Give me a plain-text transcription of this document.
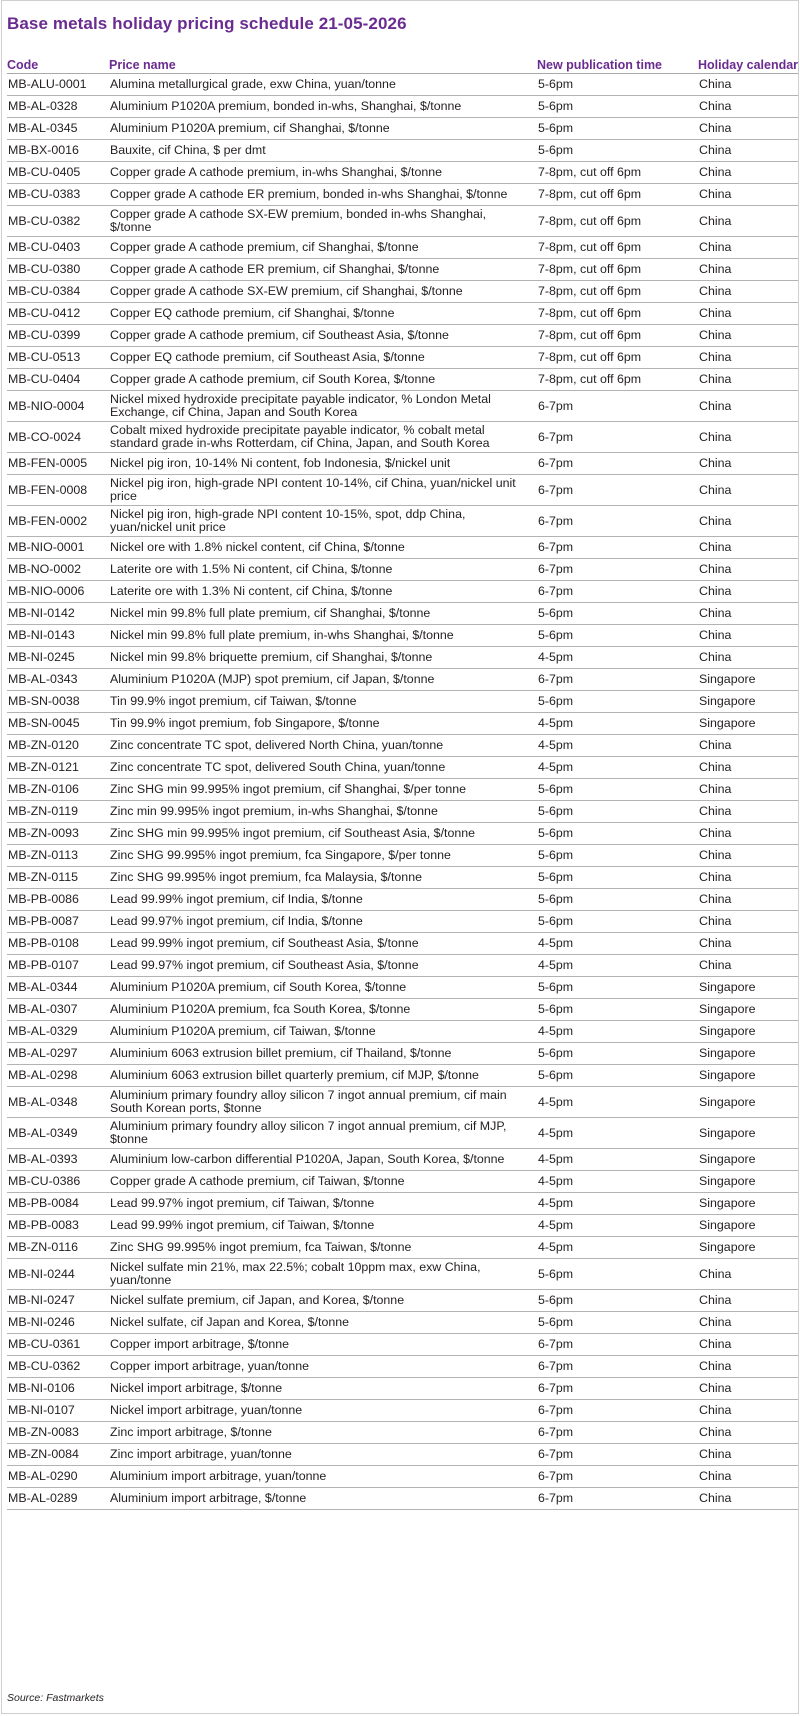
Base metals holiday pricing schedule 21-05-2026
Code	Price name	New publication time	Holiday calendar
MB-ALU-0001	Alumina metallurgical grade, exw China, yuan/tonne	5-6pm	China
MB-AL-0328	Aluminium P1020A premium, bonded in-whs, Shanghai, $/tonne	5-6pm	China
MB-AL-0345	Aluminium P1020A premium, cif Shanghai, $/tonne	5-6pm	China
MB-BX-0016	Bauxite, cif China, $ per dmt	5-6pm	China
MB-CU-0405	Copper grade A cathode premium, in-whs Shanghai, $/tonne	7-8pm, cut off 6pm	China
MB-CU-0383	Copper grade A cathode ER premium, bonded in-whs Shanghai, $/tonne	7-8pm, cut off 6pm	China
MB-CU-0382	Copper grade A cathode SX-EW premium, bonded in-whs Shanghai, $/tonne	7-8pm, cut off 6pm	China
MB-CU-0403	Copper grade A cathode premium, cif Shanghai, $/tonne	7-8pm, cut off 6pm	China
MB-CU-0380	Copper grade A cathode ER premium, cif Shanghai, $/tonne	7-8pm, cut off 6pm	China
MB-CU-0384	Copper grade A cathode SX-EW premium, cif Shanghai, $/tonne	7-8pm, cut off 6pm	China
MB-CU-0412	Copper EQ cathode premium, cif Shanghai, $/tonne	7-8pm, cut off 6pm	China
MB-CU-0399	Copper grade A cathode premium, cif Southeast Asia, $/tonne	7-8pm, cut off 6pm	China
MB-CU-0513	Copper EQ cathode premium, cif Southeast Asia, $/tonne	7-8pm, cut off 6pm	China
MB-CU-0404	Copper grade A cathode premium, cif South Korea, $/tonne	7-8pm, cut off 6pm	China
MB-NIO-0004	Nickel mixed hydroxide precipitate payable indicator, % London Metal Exchange, cif China, Japan and South Korea	6-7pm	China
MB-CO-0024	Cobalt mixed hydroxide precipitate payable indicator, % cobalt metal standard grade in-whs Rotterdam, cif China, Japan, and South Korea	6-7pm	China
MB-FEN-0005	Nickel pig iron, 10-14% Ni content, fob Indonesia, $/nickel unit	6-7pm	China
MB-FEN-0008	Nickel pig iron, high-grade NPI content 10-14%, cif China, yuan/nickel unit price	6-7pm	China
MB-FEN-0002	Nickel pig iron, high-grade NPI content 10-15%, spot, ddp China, yuan/nickel unit price	6-7pm	China
MB-NIO-0001	Nickel ore with 1.8% nickel content, cif China, $/tonne	6-7pm	China
MB-NO-0002	Laterite ore with 1.5% Ni content, cif China, $/tonne	6-7pm	China
MB-NIO-0006	Laterite ore with 1.3% Ni content, cif China, $/tonne	6-7pm	China
MB-NI-0142	Nickel min 99.8% full plate premium, cif Shanghai, $/tonne	5-6pm	China
MB-NI-0143	Nickel min 99.8% full plate premium, in-whs Shanghai, $/tonne	5-6pm	China
MB-NI-0245	Nickel min 99.8% briquette premium, cif Shanghai, $/tonne	4-5pm	China
MB-AL-0343	Aluminium P1020A (MJP) spot premium, cif Japan, $/tonne	6-7pm	Singapore
MB-SN-0038	Tin 99.9% ingot premium, cif Taiwan, $/tonne	5-6pm	Singapore
MB-SN-0045	Tin 99.9% ingot premium, fob Singapore, $/tonne	4-5pm	Singapore
MB-ZN-0120	Zinc concentrate TC spot, delivered North China, yuan/tonne	4-5pm	China
MB-ZN-0121	Zinc concentrate TC spot, delivered South China, yuan/tonne	4-5pm	China
MB-ZN-0106	Zinc SHG min 99.995% ingot premium, cif Shanghai, $/per tonne	5-6pm	China
MB-ZN-0119	Zinc min 99.995% ingot premium, in-whs Shanghai, $/tonne	5-6pm	China
MB-ZN-0093	Zinc SHG min 99.995% ingot premium, cif Southeast Asia, $/tonne	5-6pm	China
MB-ZN-0113	Zinc SHG 99.995% ingot premium, fca Singapore, $/per tonne	5-6pm	China
MB-ZN-0115	Zinc SHG 99.995% ingot premium, fca Malaysia, $/tonne	5-6pm	China
MB-PB-0086	Lead 99.99% ingot premium, cif India, $/tonne	5-6pm	China
MB-PB-0087	Lead 99.97% ingot premium, cif India, $/tonne	5-6pm	China
MB-PB-0108	Lead 99.99% ingot premium, cif Southeast Asia, $/tonne	4-5pm	China
MB-PB-0107	Lead 99.97% ingot premium, cif Southeast Asia, $/tonne	4-5pm	China
MB-AL-0344	Aluminium P1020A premium, cif South Korea, $/tonne	5-6pm	Singapore
MB-AL-0307	Aluminium P1020A premium, fca South Korea, $/tonne	5-6pm	Singapore
MB-AL-0329	Aluminium P1020A premium, cif Taiwan, $/tonne	4-5pm	Singapore
MB-AL-0297	Aluminium 6063 extrusion billet premium, cif Thailand, $/tonne	5-6pm	Singapore
MB-AL-0298	Aluminium 6063 extrusion billet quarterly premium, cif MJP, $/tonne	5-6pm	Singapore
MB-AL-0348	Aluminium primary foundry alloy silicon 7 ingot annual premium, cif main South Korean ports, $tonne	4-5pm	Singapore
MB-AL-0349	Aluminium primary foundry alloy silicon 7 ingot annual premium, cif MJP, $tonne	4-5pm	Singapore
MB-AL-0393	Aluminium low-carbon differential P1020A, Japan, South Korea, $/tonne	4-5pm	Singapore
MB-CU-0386	Copper grade A cathode premium, cif Taiwan, $/tonne	4-5pm	Singapore
MB-PB-0084	Lead 99.97% ingot premium, cif Taiwan, $/tonne	4-5pm	Singapore
MB-PB-0083	Lead 99.99% ingot premium, cif Taiwan, $/tonne	4-5pm	Singapore
MB-ZN-0116	Zinc SHG 99.995% ingot premium, fca Taiwan, $/tonne	4-5pm	Singapore
MB-NI-0244	Nickel sulfate min 21%, max 22.5%; cobalt 10ppm max, exw China, yuan/tonne	5-6pm	China
MB-NI-0247	Nickel sulfate premium, cif Japan, and Korea, $/tonne	5-6pm	China
MB-NI-0246	Nickel sulfate, cif Japan and Korea, $/tonne	5-6pm	China
MB-CU-0361	Copper import arbitrage, $/tonne	6-7pm	China
MB-CU-0362	Copper import arbitrage, yuan/tonne	6-7pm	China
MB-NI-0106	Nickel import arbitrage, $/tonne	6-7pm	China
MB-NI-0107	Nickel import arbitrage, yuan/tonne	6-7pm	China
MB-ZN-0083	Zinc import arbitrage, $/tonne	6-7pm	China
MB-ZN-0084	Zinc import arbitrage, yuan/tonne	6-7pm	China
MB-AL-0290	Aluminium import arbitrage, yuan/tonne	6-7pm	China
MB-AL-0289	Aluminium import arbitrage, $/tonne	6-7pm	China
Source: Fastmarkets
